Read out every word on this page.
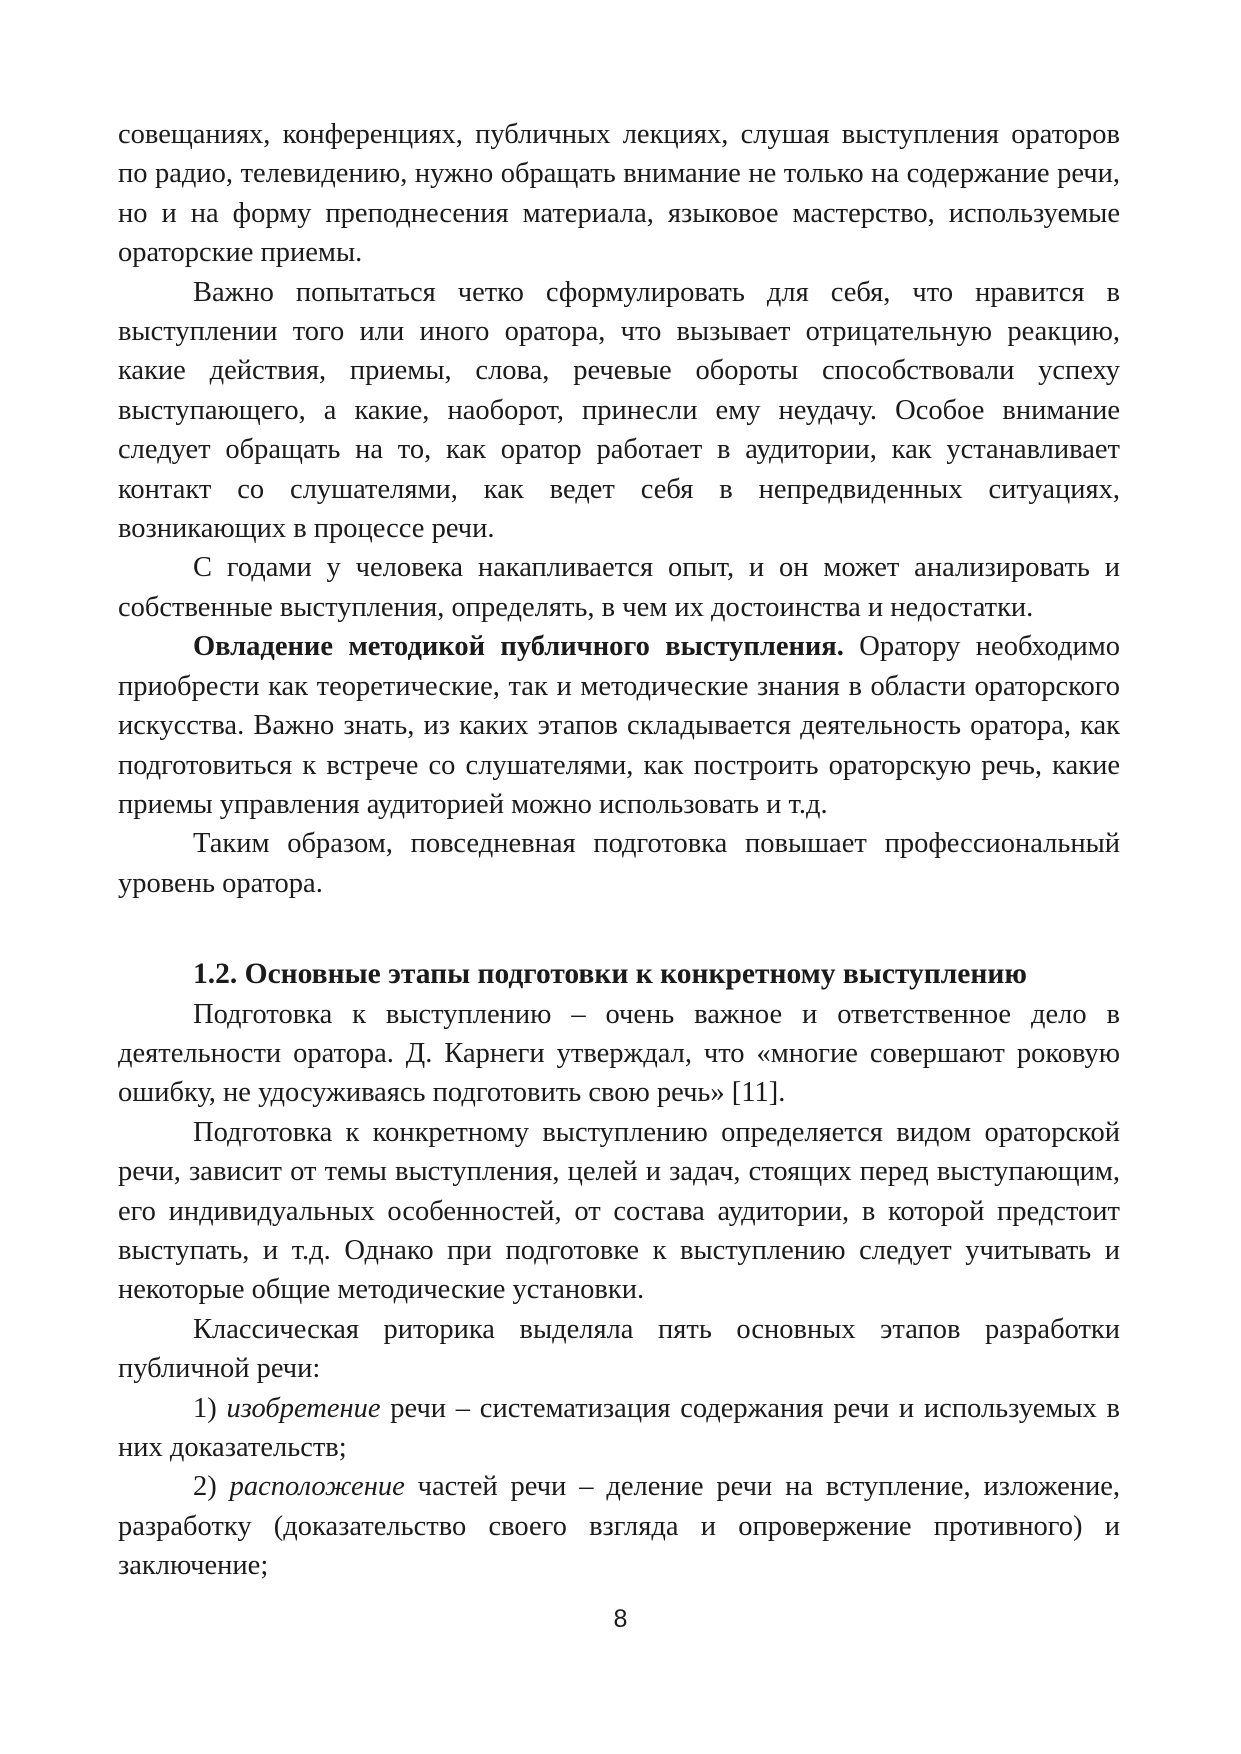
совещаниях, конференциях, публичных лекциях, слушая выступления ораторов по радио, телевидению, нужно обращать внимание не только на содержание речи, но и на форму преподнесения материала, языковое мастерство, используемые ораторские приемы.

Важно попытаться четко сформулировать для себя, что нравится в выступлении того или иного оратора, что вызывает отрицательную реакцию, какие действия, приемы, слова, речевые обороты способствовали успеху выступающего, а какие, наоборот, принесли ему неудачу. Особое внимание следует обращать на то, как оратор работает в аудитории, как устанавливает контакт со слушателями, как ведет себя в непредвиденных ситуациях, возникающих в процессе речи.

С годами у человека накапливается опыт, и он может анализировать и собственные выступления, определять, в чем их достоинства и недостатки.

Овладение методикой публичного выступления. Оратору необходимо приобрести как теоретические, так и методические знания в области ораторского искусства. Важно знать, из каких этапов складывается деятельность оратора, как подготовиться к встрече со слушателями, как построить ораторскую речь, какие приемы управления аудиторией можно использовать и т.д.

Таким образом, повседневная подготовка повышает профессиональный уровень оратора.

1.2. Основные этапы подготовки к конкретному выступлению

Подготовка к выступлению – очень важное и ответственное дело в деятельности оратора. Д. Карнеги утверждал, что «многие совершают роковую ошибку, не удосуживаясь подготовить свою речь» [11].

Подготовка к конкретному выступлению определяется видом ораторской речи, зависит от темы выступления, целей и задач, стоящих перед выступающим, его индивидуальных особенностей, от состава аудитории, в которой предстоит выступать, и т.д. Однако при подготовке к выступлению следует учитывать и некоторые общие методические установки.

Классическая риторика выделяла пять основных этапов разработки публичной речи:

1) изобретение речи – систематизация содержания речи и используемых в них доказательств;

2) расположение частей речи – деление речи на вступление, изложение, разработку (доказательство своего взгляда и опровержение противного) и заключение;

8
